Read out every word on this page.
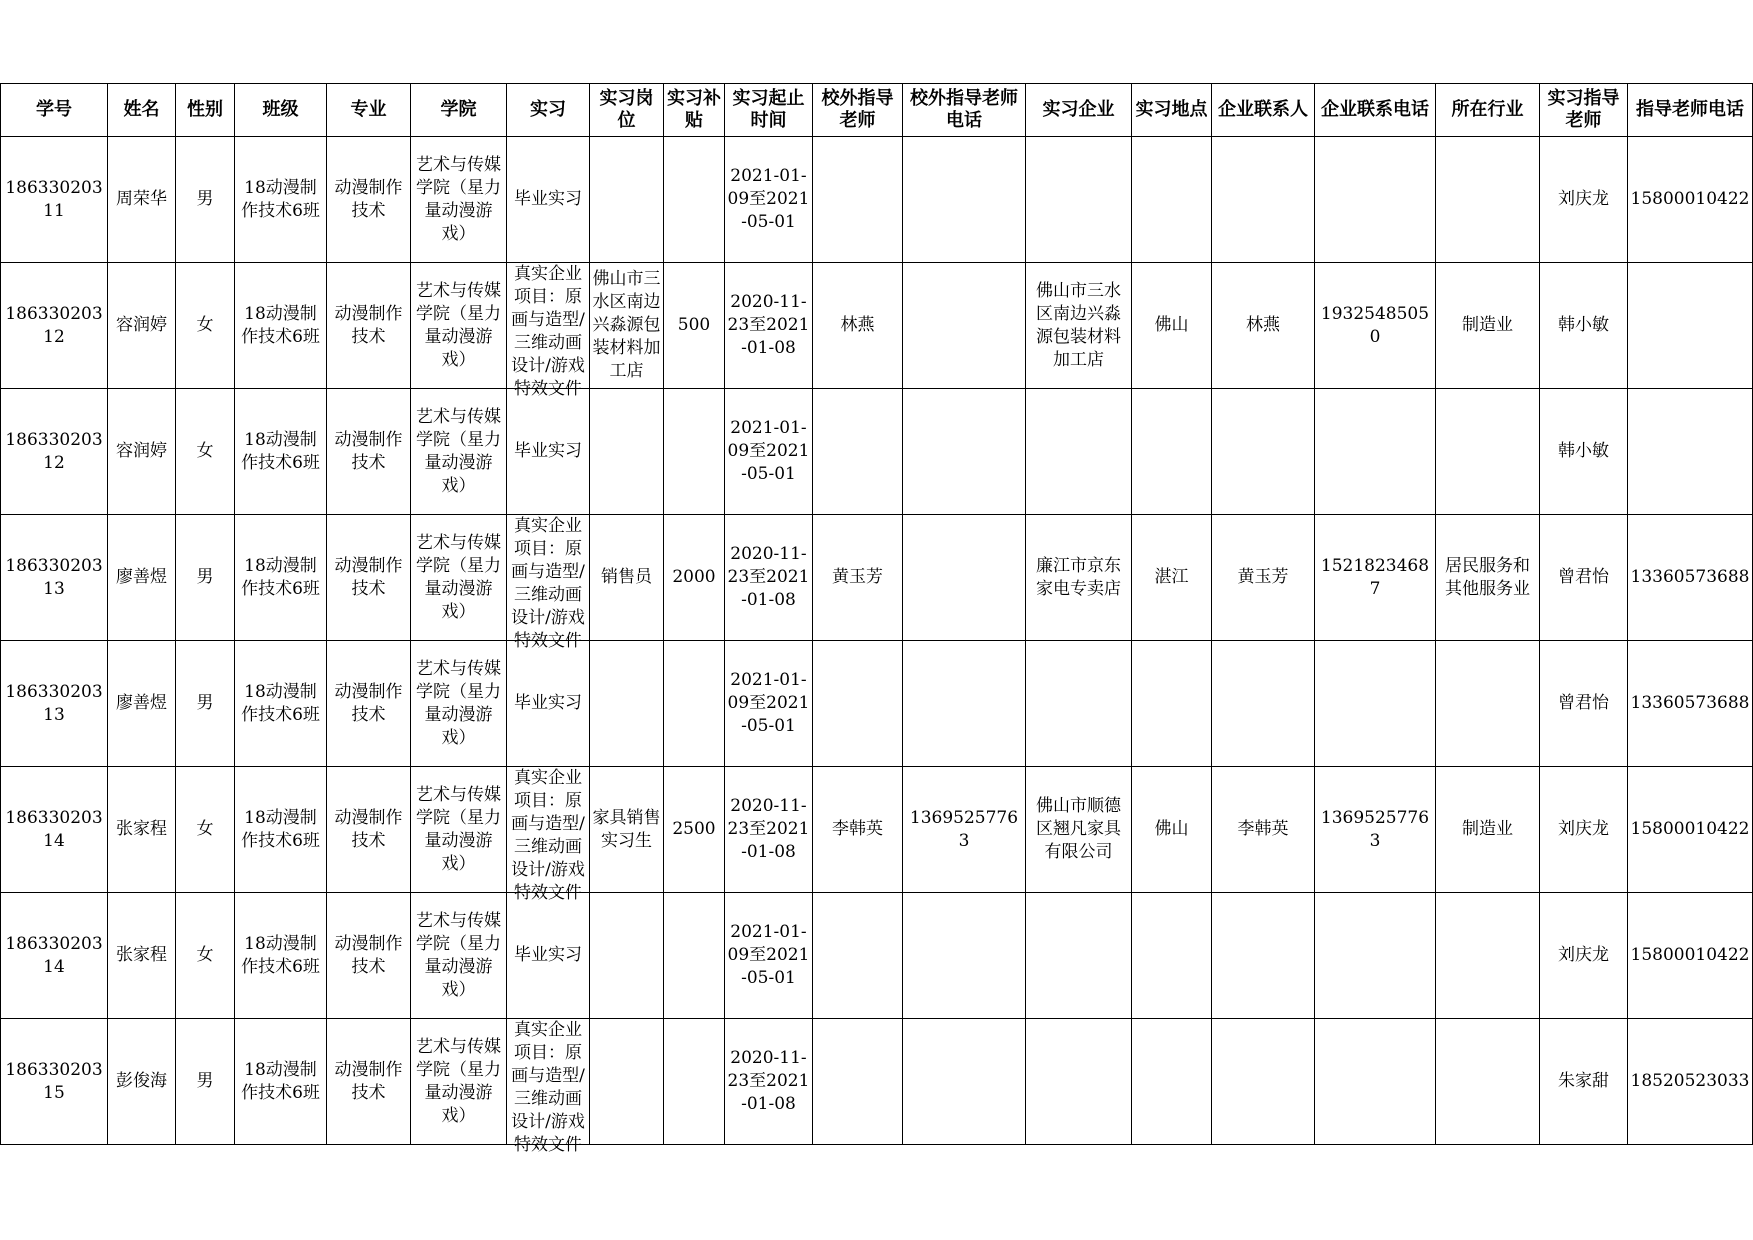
学号	姓名	性别	班级	专业	学院	实习	实习岗位	实习补贴	实习起止时间	校外指导老师	校外指导老师电话	实习企业	实习地点	企业联系人	企业联系电话	所在行业	实习指导老师	指导老师电话

18633020311	周荣华	男	18动漫制作技术6班	动漫制作技术	艺术与传媒学院（星力量动漫游戏）	毕业实习			2021-01-09至2021-05-01								刘庆龙	15800010422

18633020312	容润婷	女	18动漫制作技术6班	动漫制作技术	艺术与传媒学院（星力量动漫游戏）	真实企业项目：原画与造型/三维动画设计/游戏特效文件	佛山市三水区南边兴淼源包装材料加工店	500	2020-11-23至2021-01-08	林燕		佛山市三水区南边兴淼源包装材料加工店	佛山	林燕	19325485050	制造业	韩小敏	

18633020312	容润婷	女	18动漫制作技术6班	动漫制作技术	艺术与传媒学院（星力量动漫游戏）	毕业实习			2021-01-09至2021-05-01								韩小敏	

18633020313	廖善煜	男	18动漫制作技术6班	动漫制作技术	艺术与传媒学院（星力量动漫游戏）	真实企业项目：原画与造型/三维动画设计/游戏特效文件	销售员	2000	2020-11-23至2021-01-08	黄玉芳		廉江市京东家电专卖店	湛江	黄玉芳	15218234687	居民服务和其他服务业	曾君怡	13360573688

18633020313	廖善煜	男	18动漫制作技术6班	动漫制作技术	艺术与传媒学院（星力量动漫游戏）	毕业实习			2021-01-09至2021-05-01								曾君怡	13360573688

18633020314	张家程	女	18动漫制作技术6班	动漫制作技术	艺术与传媒学院（星力量动漫游戏）	真实企业项目：原画与造型/三维动画设计/游戏特效文件	家具销售实习生	2500	2020-11-23至2021-01-08	李韩英	13695257763	佛山市顺德区翘凡家具有限公司	佛山	李韩英	13695257763	制造业	刘庆龙	15800010422

18633020314	张家程	女	18动漫制作技术6班	动漫制作技术	艺术与传媒学院（星力量动漫游戏）	毕业实习			2021-01-09至2021-05-01								刘庆龙	15800010422

18633020315	彭俊海	男	18动漫制作技术6班	动漫制作技术	艺术与传媒学院（星力量动漫游戏）	真实企业项目：原画与造型/三维动画设计/游戏特效文件			2020-11-23至2021-01-08								朱家甜	18520523033
